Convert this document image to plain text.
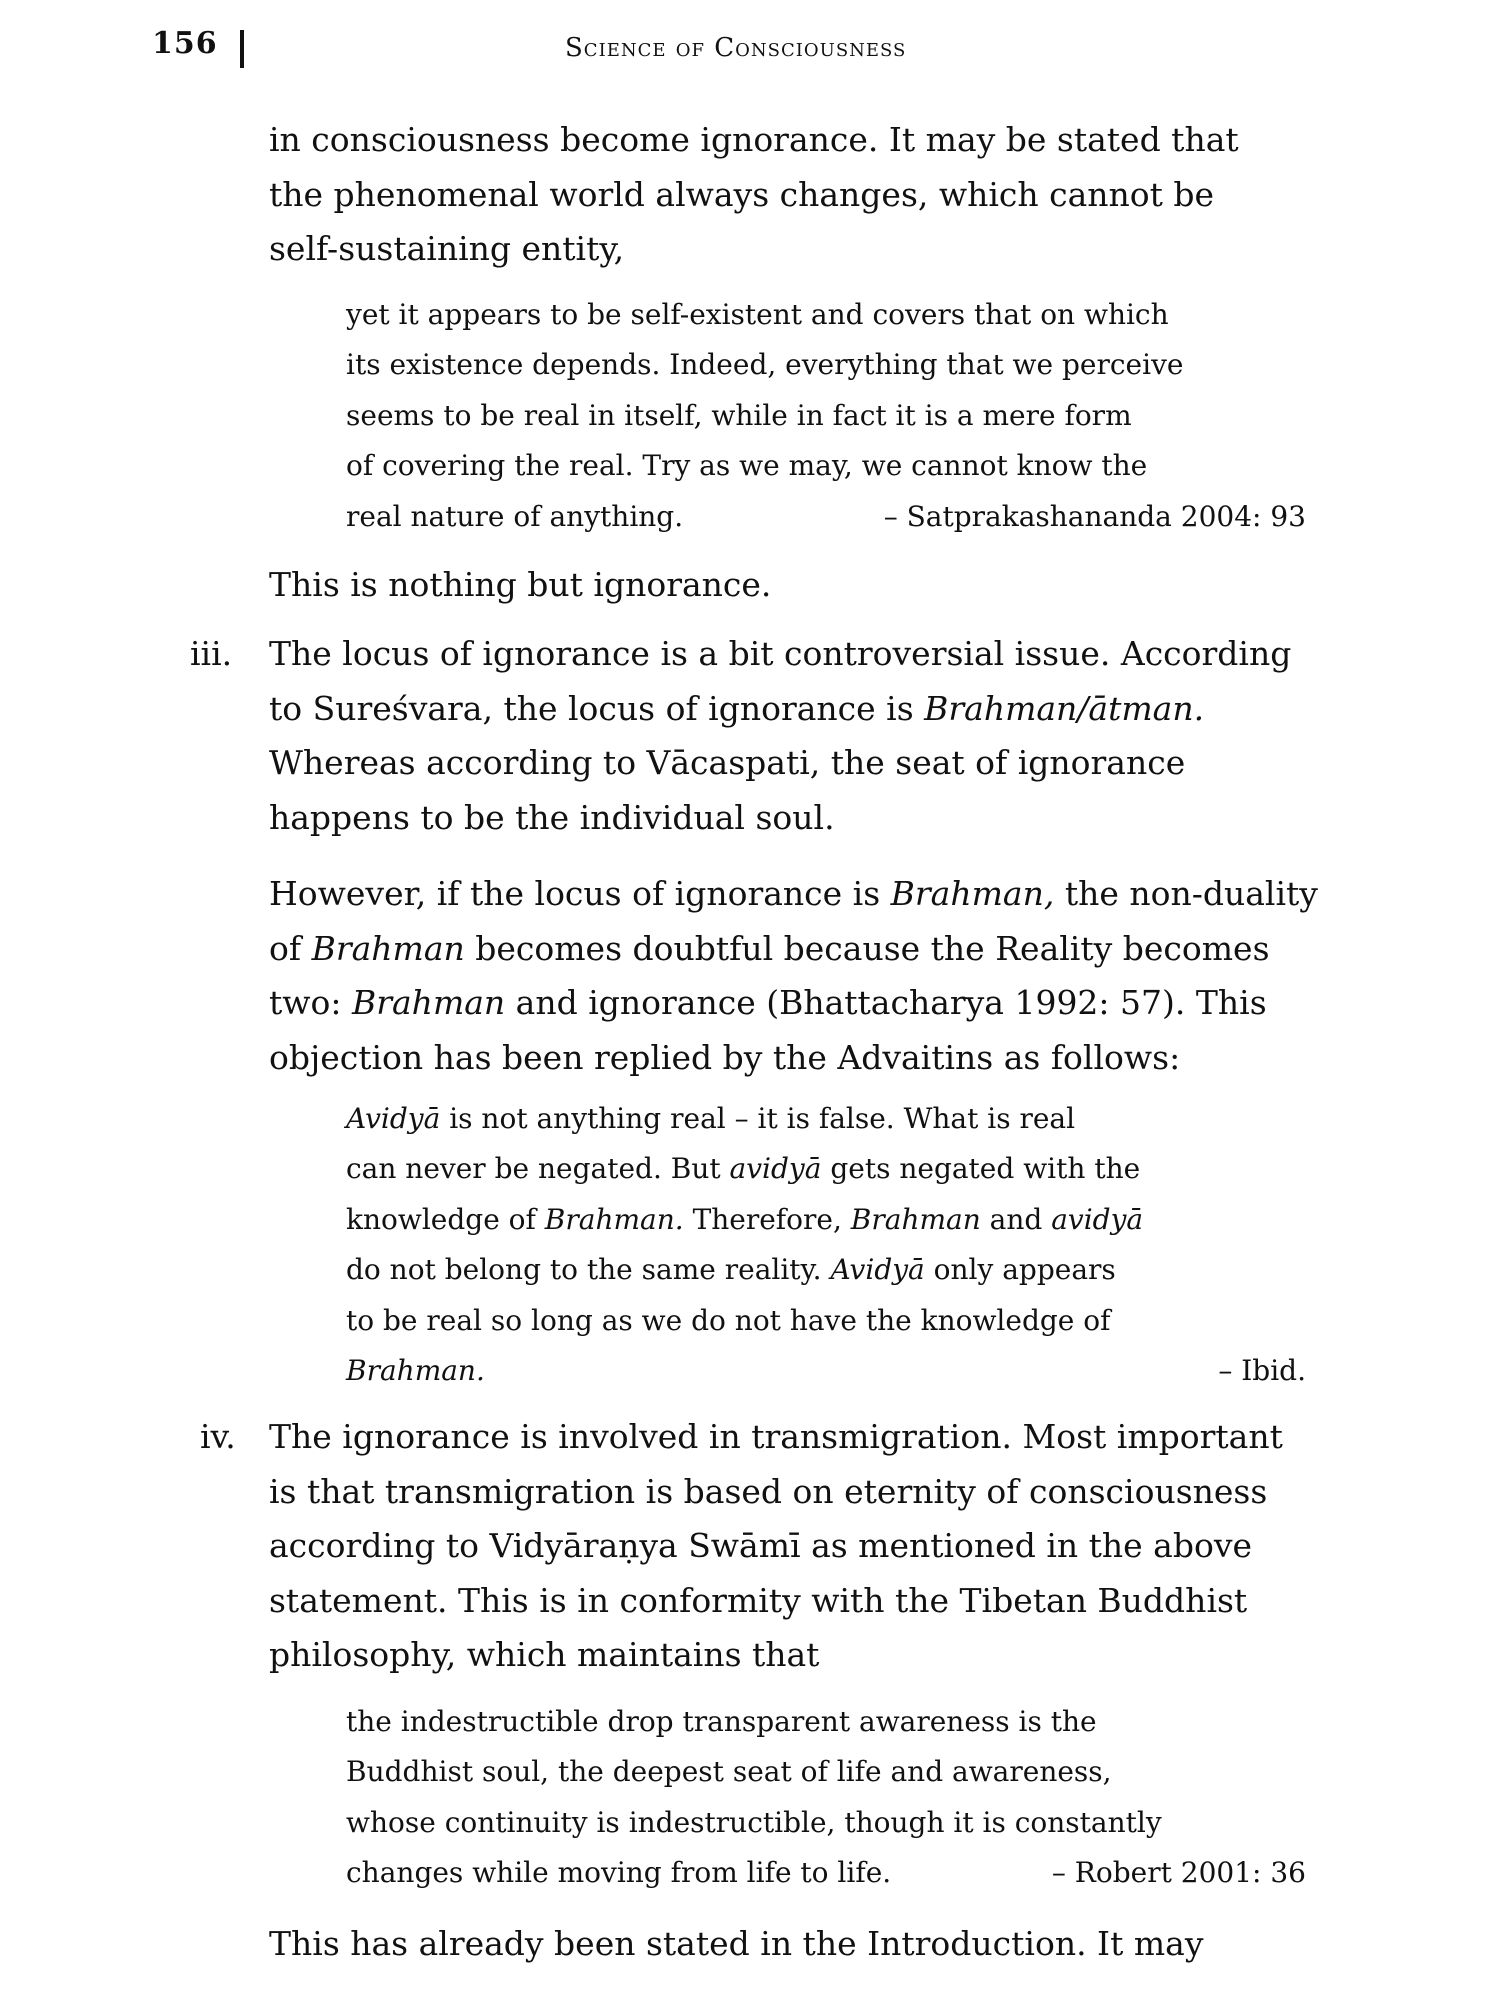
156	Science of Consciousness
in consciousness become ignorance. It may be stated that
the phenomenal world always changes, which cannot be
self-sustaining entity,
yet it appears to be self-existent and covers that on which
its existence depends. Indeed, everything that we perceive
seems to be real in itself, while in fact it is a mere form
of covering the real. Try as we may, we cannot know the
real nature of anything.	– Satprakashananda 2004: 93
This is nothing but ignorance.
iii. The locus of ignorance is a bit controversial issue. According
to Sureśvara, the locus of ignorance is Brahman/ātman.
Whereas according to Vācaspati, the seat of ignorance
happens to be the individual soul.
However, if the locus of ignorance is Brahman, the non-duality
of Brahman becomes doubtful because the Reality becomes
two: Brahman and ignorance (Bhattacharya 1992: 57). This
objection has been replied by the Advaitins as follows:
Avidyā is not anything real – it is false. What is real
can never be negated. But avidyā gets negated with the
knowledge of Brahman. Therefore, Brahman and avidyā
do not belong to the same reality. Avidyā only appears
to be real so long as we do not have the knowledge of
Brahman.	– Ibid.
iv. The ignorance is involved in transmigration. Most important
is that transmigration is based on eternity of consciousness
according to Vidyāraṇya Swāmī as mentioned in the above
statement. This is in conformity with the Tibetan Buddhist
philosophy, which maintains that
the indestructible drop transparent awareness is the
Buddhist soul, the deepest seat of life and awareness,
whose continuity is indestructible, though it is constantly
changes while moving from life to life.	– Robert 2001: 36
This has already been stated in the Introduction. It may
